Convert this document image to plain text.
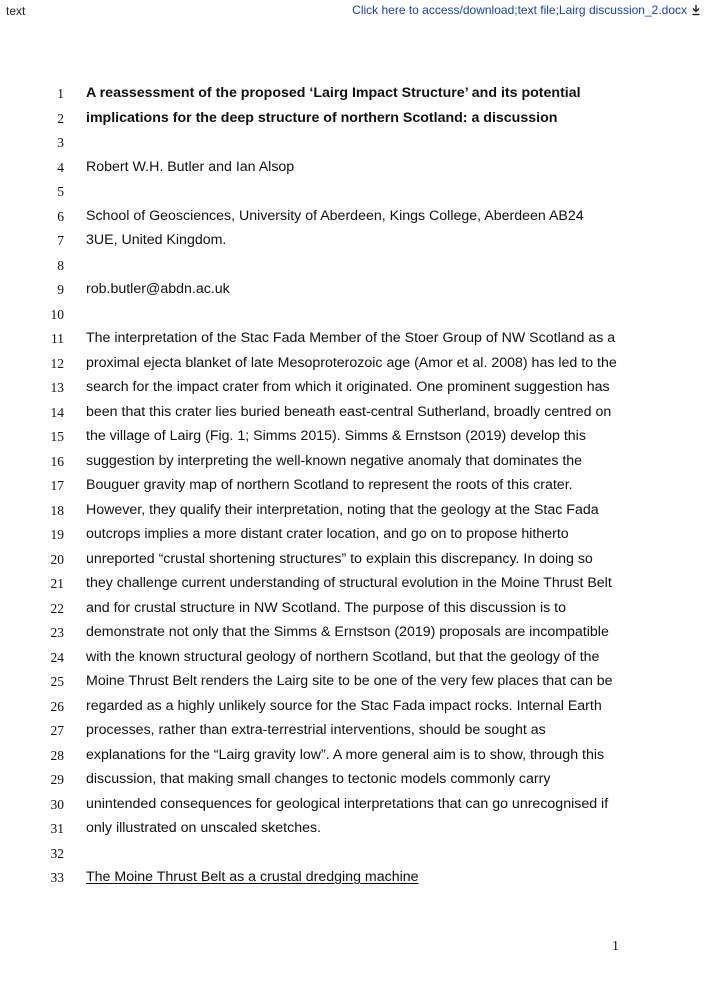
text	Click here to access/download;text file;Lairg discussion_2.docx
1 A reassessment of the proposed ‘Lairg Impact Structure’ and its potential
2 implications for the deep structure of northern Scotland: a discussion
3
4 Robert W.H. Butler and Ian Alsop
5
6 School of Geosciences, University of Aberdeen, Kings College, Aberdeen AB24
7 3UE, United Kingdom.
8
9 rob.butler@abdn.ac.uk
10
11 The interpretation of the Stac Fada Member of the Stoer Group of NW Scotland as a
12 proximal ejecta blanket of late Mesoproterozoic age (Amor et al. 2008) has led to the
13 search for the impact crater from which it originated. One prominent suggestion has
14 been that this crater lies buried beneath east-central Sutherland, broadly centred on
15 the village of Lairg (Fig. 1; Simms 2015). Simms & Ernstson (2019) develop this
16 suggestion by interpreting the well-known negative anomaly that dominates the
17 Bouguer gravity map of northern Scotland to represent the roots of this crater.
18 However, they qualify their interpretation, noting that the geology at the Stac Fada
19 outcrops implies a more distant crater location, and go on to propose hitherto
20 unreported “crustal shortening structures” to explain this discrepancy. In doing so
21 they challenge current understanding of structural evolution in the Moine Thrust Belt
22 and for crustal structure in NW Scotland. The purpose of this discussion is to
23 demonstrate not only that the Simms & Ernstson (2019) proposals are incompatible
24 with the known structural geology of northern Scotland, but that the geology of the
25 Moine Thrust Belt renders the Lairg site to be one of the very few places that can be
26 regarded as a highly unlikely source for the Stac Fada impact rocks. Internal Earth
27 processes, rather than extra-terrestrial interventions, should be sought as
28 explanations for the “Lairg gravity low”. A more general aim is to show, through this
29 discussion, that making small changes to tectonic models commonly carry
30 unintended consequences for geological interpretations that can go unrecognised if
31 only illustrated on unscaled sketches.
32
33 The Moine Thrust Belt as a crustal dredging machine
1
